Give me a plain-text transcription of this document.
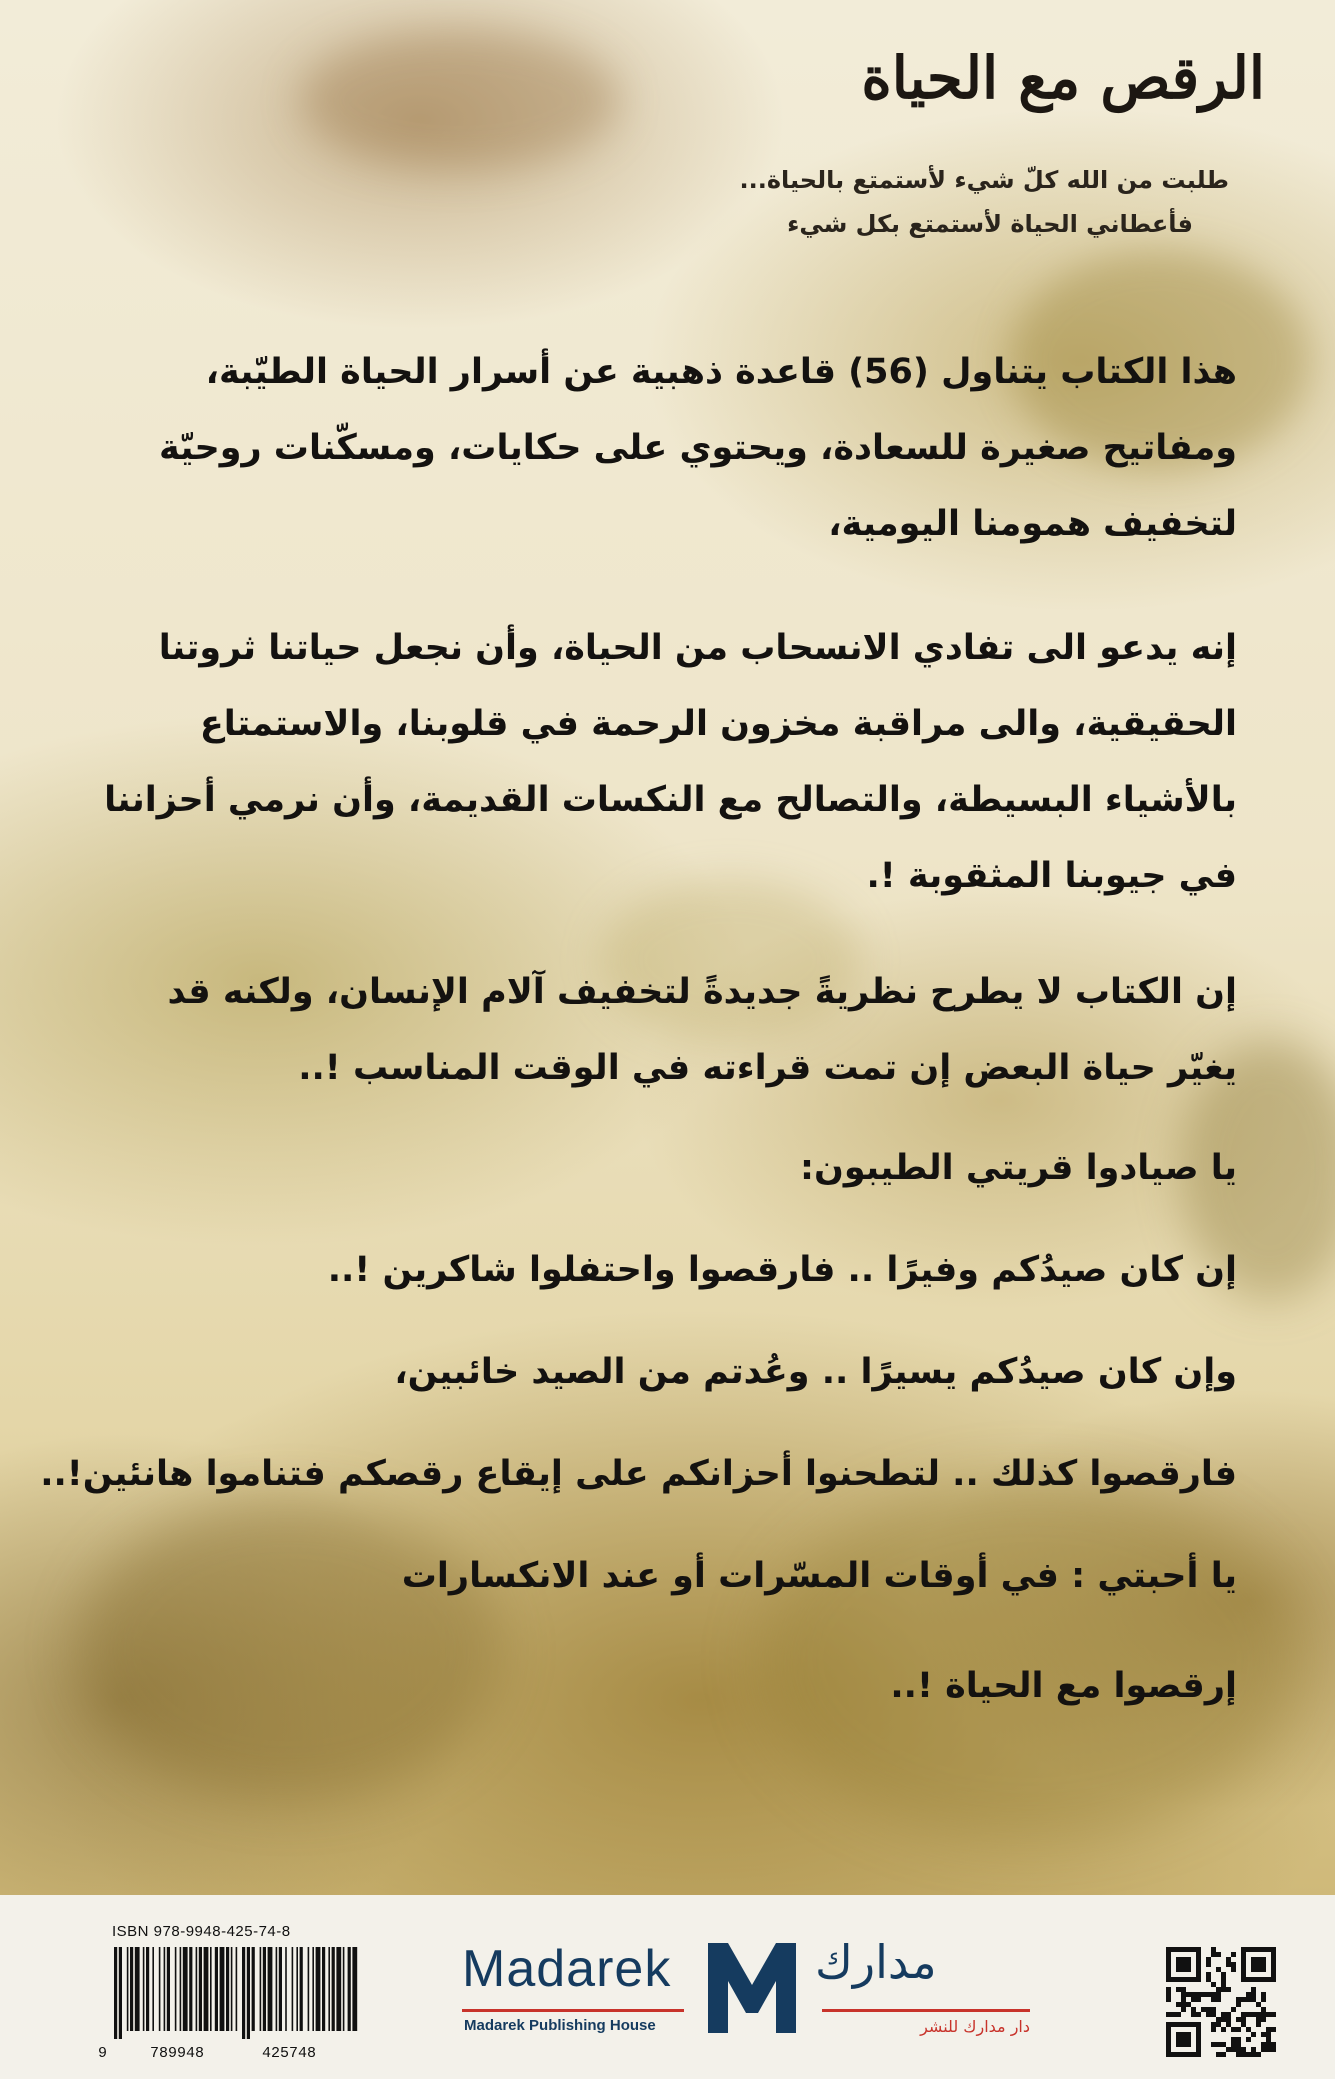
الرقص مع الحياة
طلبت من الله كلّ شيء لأستمتع بالحياة...
فأعطاني الحياة لأستمتع بكل شيء
هذا الكتاب يتناول (56) قاعدة ذهبية عن أسرار الحياة الطيّبة، ومفاتيح صغيرة للسعادة، ويحتوي على حكايات، ومسكّنات روحيّة لتخفيف همومنا اليومية،
إنه يدعو الى تفادي الانسحاب من الحياة، وأن نجعل حياتنا ثروتنا الحقيقية، والى مراقبة مخزون الرحمة في قلوبنا، والاستمتاع بالأشياء البسيطة، والتصالح مع النكسات القديمة، وأن نرمي أحزاننا في جيوبنا المثقوبة !.
إن الكتاب لا يطرح نظريةً جديدةً لتخفيف آلام الإنسان، ولكنه قد يغيّر حياة البعض إن تمت قراءته في الوقت المناسب !..
يا صيادوا قريتي الطيبون:
إن كان صيدُكم وفيرًا .. فارقصوا واحتفلوا شاكرين !..
وإن كان صيدُكم يسيرًا .. وعُدتم من الصيد خائبين،
فارقصوا كذلك .. لتطحنوا أحزانكم على إيقاع رقصكم فتناموا هانئين!..
يا أحبتي : في أوقات المسّرات أو عند الانكسارات
إرقصوا مع الحياة !..
ISBN 978-9948-425-74-8
9	789948	425748
Madarek
Madarek Publishing House
مدارك
دار مدارك للنشر
